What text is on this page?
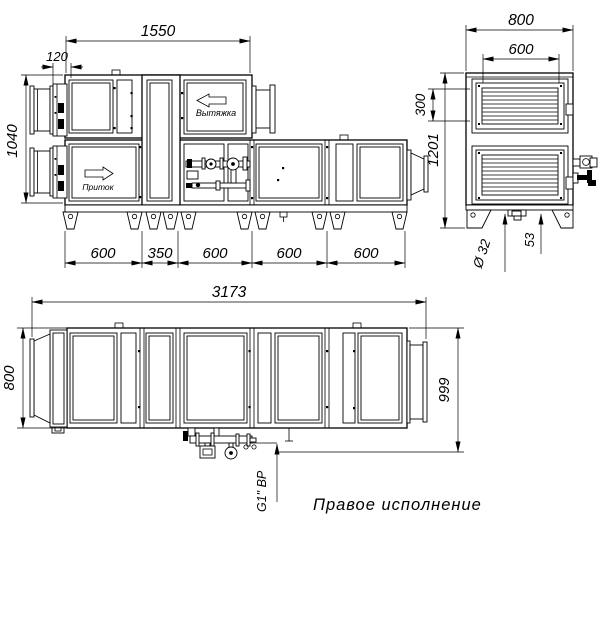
Вытяжка
Приток
1550
120
1040
600 350 600	600	600
800
600
300
1201
53
Ø 32
3173
800	999
G1" ВР	Правое исполнение
